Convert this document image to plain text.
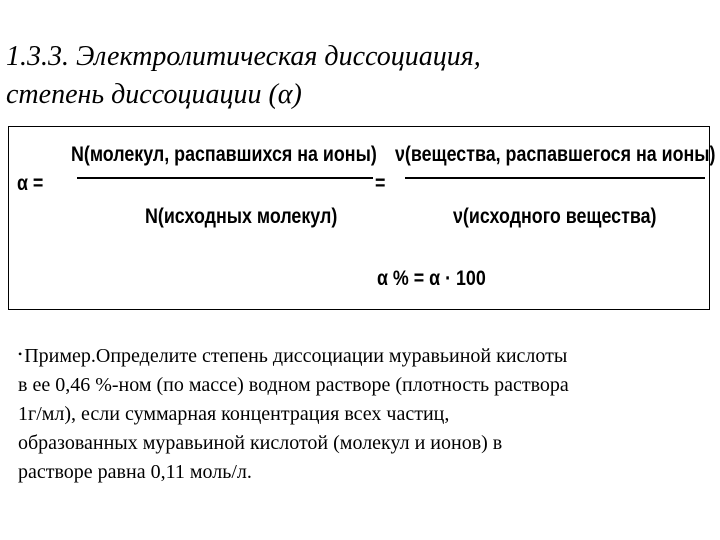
1.3.3. Электролитическая диссоциация,
степень диссоциации (α)
α =
N(молекул, распавшихся на ионы)
N(исходных молекул)
=
ν(вещества, распавшегося на ионы)
ν(исходного вещества)
α % = α · 100
• Пример.Определите степень диссоциации муравьиной кислоты
в ее 0,46 %-ном (по массе) водном растворе (плотность раствора
1г/мл), если суммарная концентрация всех частиц,
образованных муравьиной кислотой (молекул и ионов) в
растворе равна 0,11 моль/л.
